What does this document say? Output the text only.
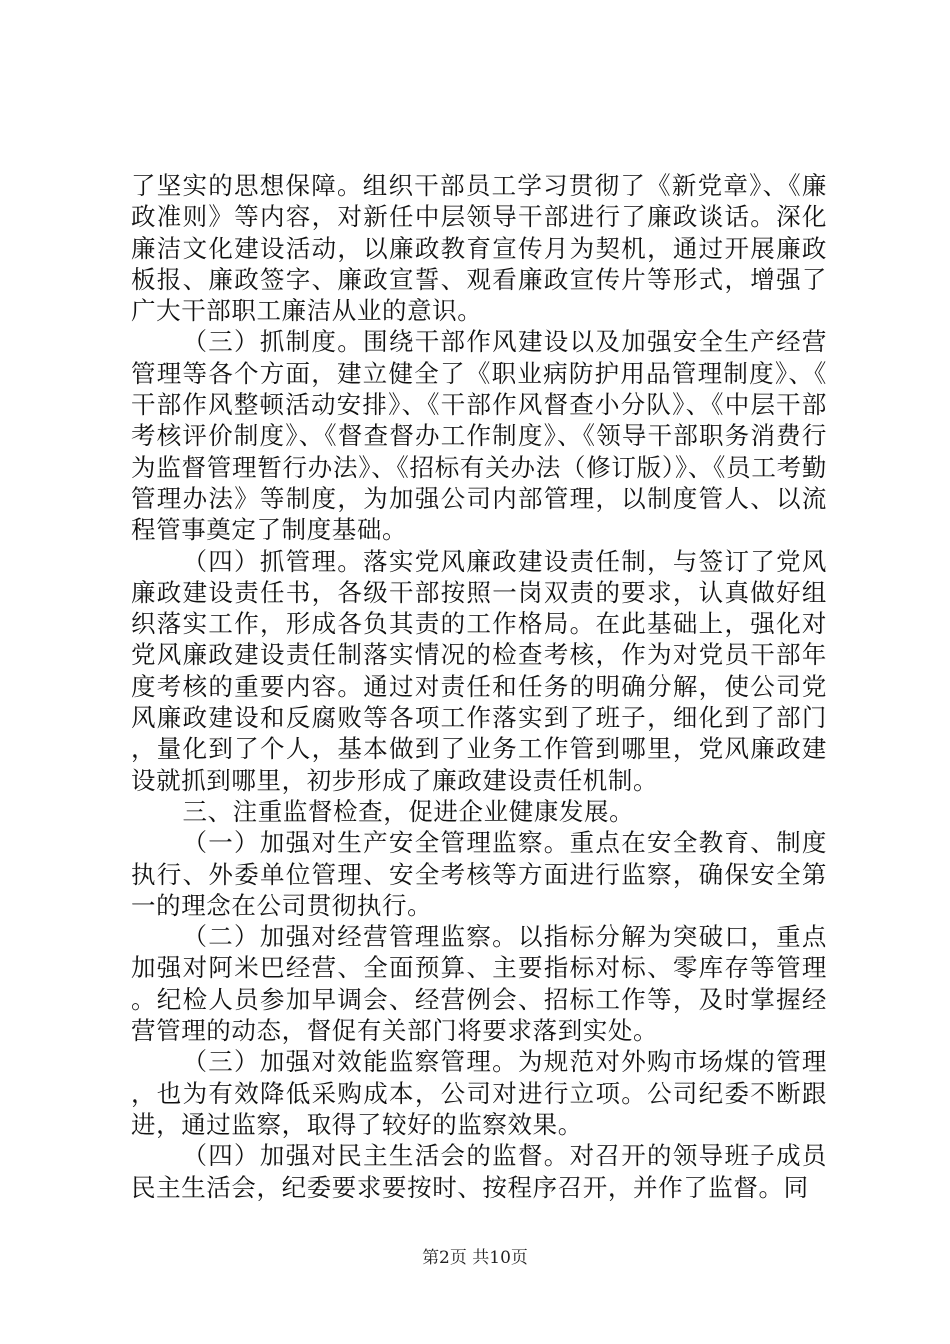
了坚实的思想保障。组织干部员工学习贯彻了《新党章》、《廉政准则》等内容，对新任中层领导干部进行了廉政谈话。深化廉洁文化建设活动，以廉政教育宣传月为契机，通过开展廉政板报、廉政签字、廉政宣誓、观看廉政宣传片等形式，增强了广大干部职工廉洁从业的意识。

（三）抓制度。围绕干部作风建设以及加强安全生产经营管理等各个方面，建立健全了《职业病防护用品管理制度》、《干部作风整顿活动安排》、《干部作风督查小分队》、《中层干部考核评价制度》、《督查督办工作制度》、《领导干部职务消费行为监督管理暂行办法》、《招标有关办法（修订版）》、《员工考勤管理办法》等制度，为加强公司内部管理，以制度管人、以流程管事奠定了制度基础。

（四）抓管理。落实党风廉政建设责任制，与签订了党风廉政建设责任书，各级干部按照一岗双责的要求，认真做好组织落实工作，形成各负其责的工作格局。在此基础上，强化对党风廉政建设责任制落实情况的检查考核，作为对党员干部年度考核的重要内容。通过对责任和任务的明确分解，使公司党风廉政建设和反腐败等各项工作落实到了班子，细化到了部门，量化到了个人，基本做到了业务工作管到哪里，党风廉政建设就抓到哪里，初步形成了廉政建设责任机制。

三、注重监督检查，促进企业健康发展。

（一）加强对生产安全管理监察。重点在安全教育、制度执行、外委单位管理、安全考核等方面进行监察，确保安全第一的理念在公司贯彻执行。

（二）加强对经营管理监察。以指标分解为突破口，重点加强对阿米巴经营、全面预算、主要指标对标、零库存等管理。纪检人员参加早调会、经营例会、招标工作等，及时掌握经营管理的动态，督促有关部门将要求落到实处。

（三）加强对效能监察管理。为规范对外购市场煤的管理，也为有效降低采购成本，公司对进行立项。公司纪委不断跟进，通过监察，取得了较好的监察效果。

（四）加强对民主生活会的监督。对召开的领导班子成员民主生活会，纪委要求要按时、按程序召开，并作了监督。同

第2页 共10页
